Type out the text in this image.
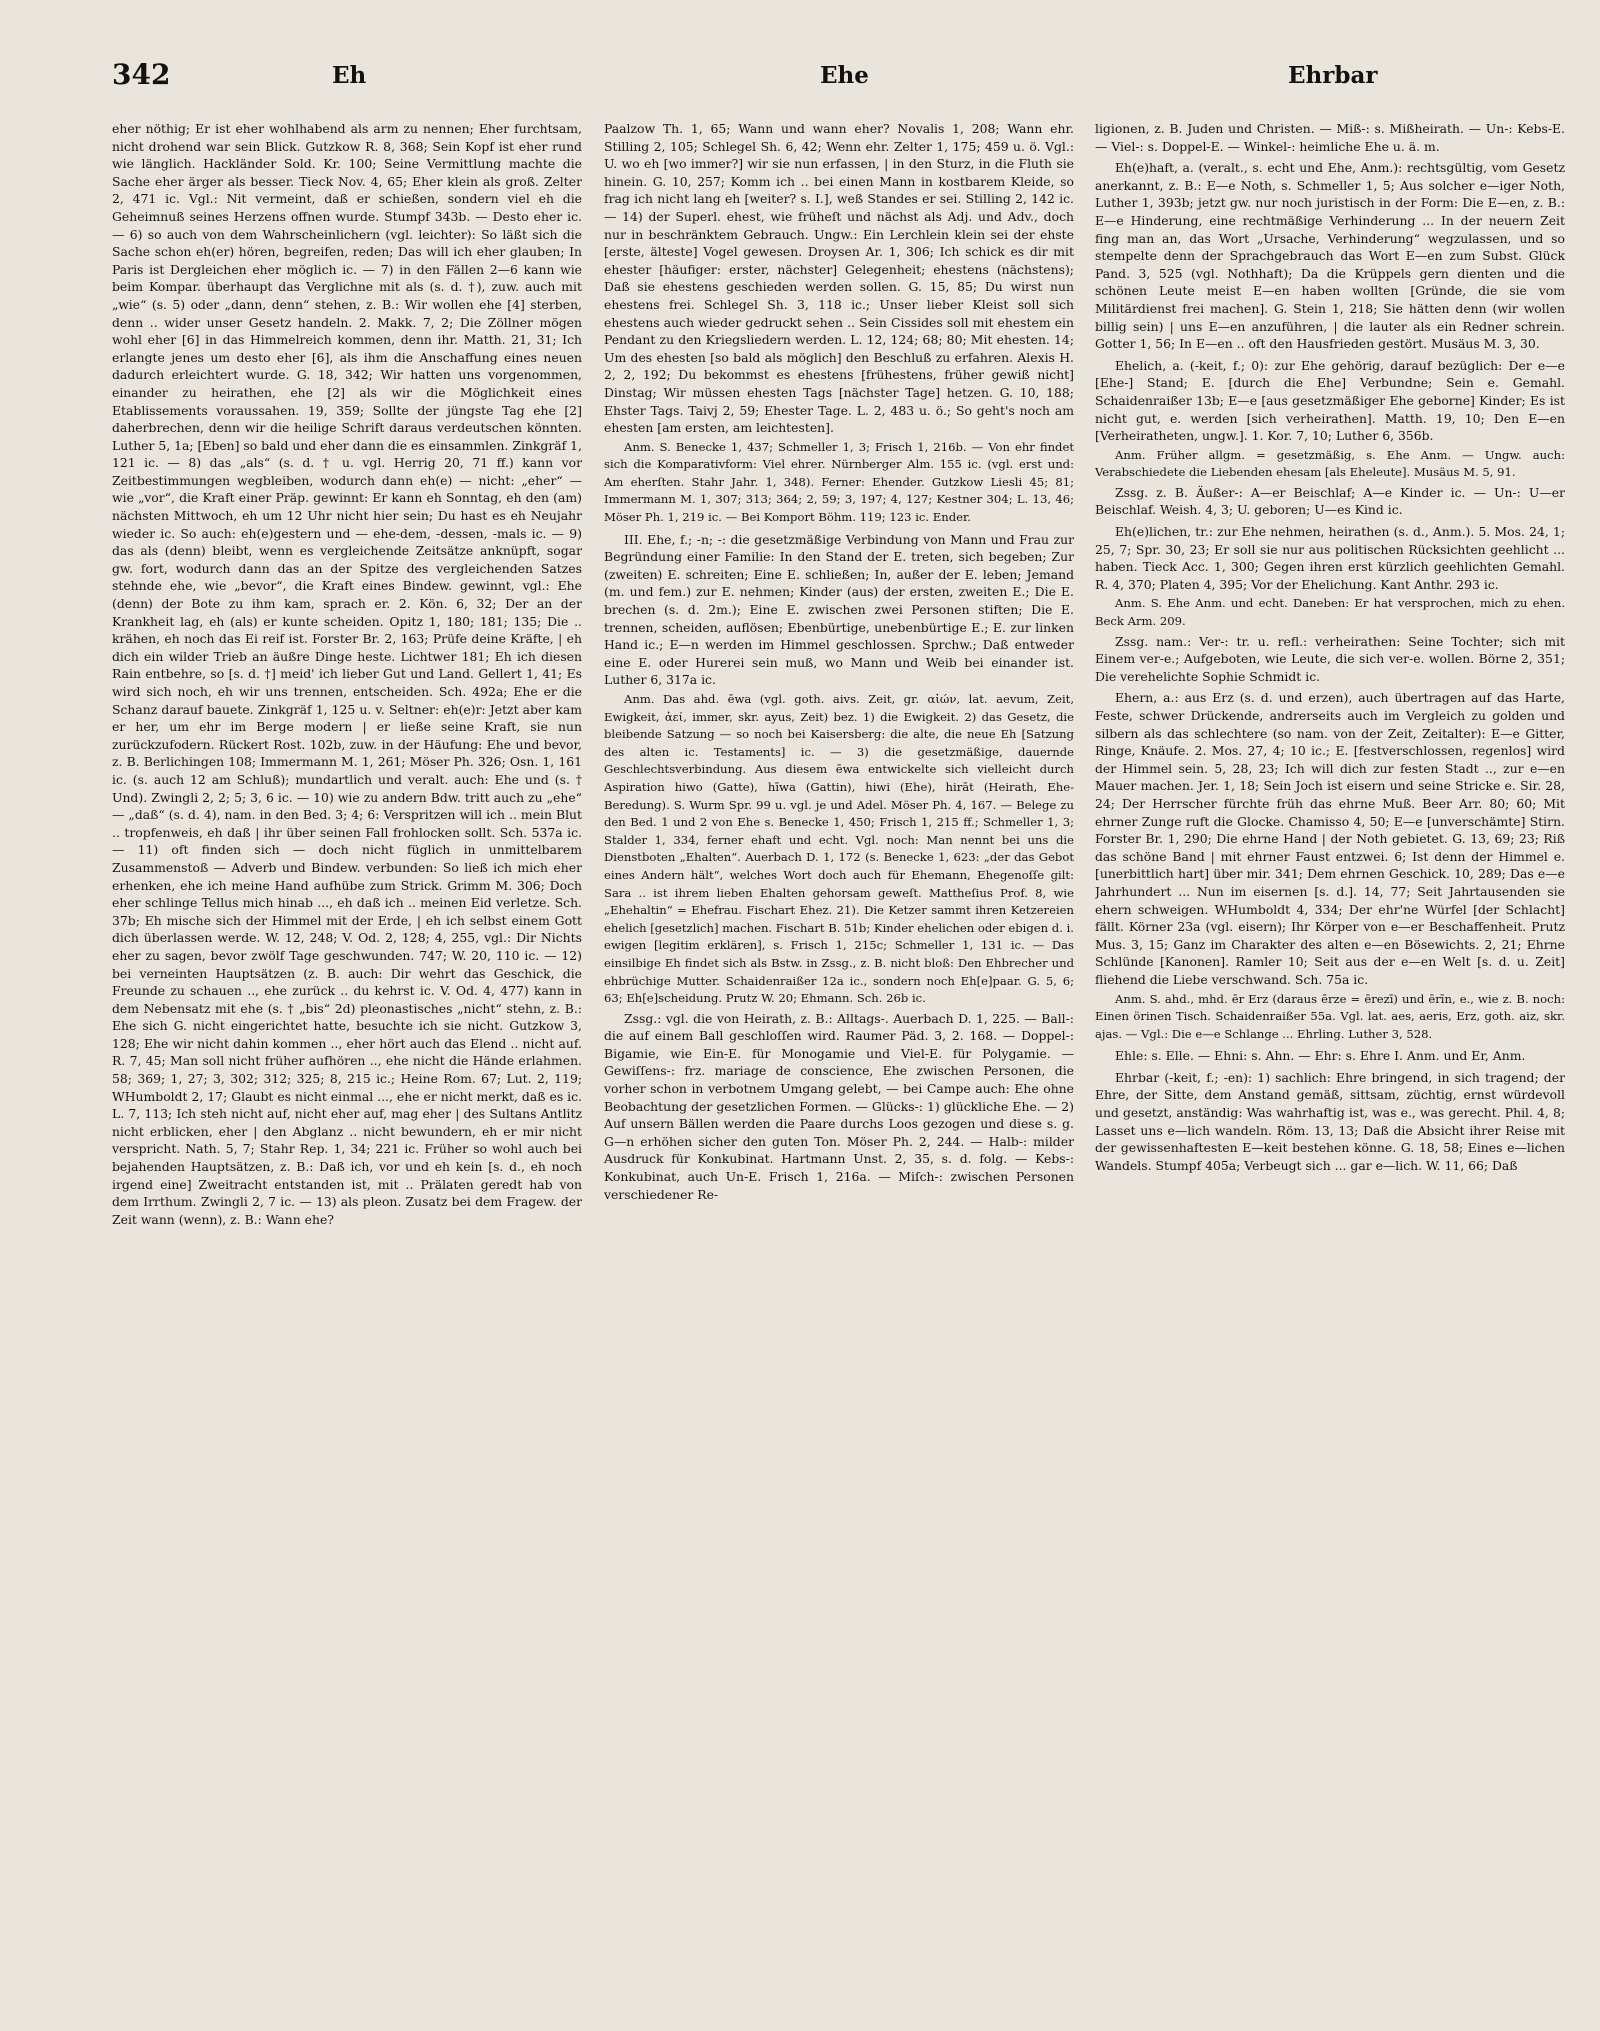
342	Eh	Ehe	Ehrbar

eher nöthig; Er ist eher wohlhabend als arm zu nennen; Eher furchtsam, nicht drohend war sein Blick. Gutzkow R. 8, 368; Sein Kopf ist eher rund wie länglich. Hackländer Sold. Kr. 100; Seine Vermittlung machte die Sache eher ärger als besser. Tieck Nov. 4, 65; Eher klein als groß. Zelter 2, 471 ic. Vgl.: Nit vermeint, daß er schießen, sondern viel eh die Geheimnuß seines Herzens offnen wurde. Stumpf 343b. — Desto eher ic. — 6) so auch von dem Wahrscheinlichern (vgl. leichter): So läßt sich die Sache schon eh(er) hören, begreifen, reden; Das will ich eher glauben; In Paris ist Dergleichen eher möglich ic. — 7) in den Fällen 2—6 kann wie beim Kompar. überhaupt das Verglichne mit als (s. d. †), zuw. auch mit „wie“ (s. 5) oder „dann, denn“ stehen, z. B.: Wir wollen ehe [4] sterben, denn .. wider unser Gesetz handeln. 2. Makk. 7, 2; Die Zöllner mögen wohl eher [6] in das Himmelreich kommen, denn ihr. Matth. 21, 31; Ich erlangte jenes um desto eher [6], als ihm die Anschaffung eines neuen dadurch erleichtert wurde. G. 18, 342; Wir hatten uns vorgenommen, einander zu heirathen, ehe [2] als wir die Möglichkeit eines Etablissements voraussahen. 19, 359; Sollte der jüngste Tag ehe [2] daherbrechen, denn wir die heilige Schrift daraus verdeutschen könnten. Luther 5, 1a; [Eben] so bald und eher dann die es einsammlen. Zinkgräf 1, 121 ic. — 8) das „als“ (s. d. † u. vgl. Herrig 20, 71 ff.) kann vor Zeitbestimmungen wegbleiben, wodurch dann eh(e) — nicht: „eher“ — wie „vor“, die Kraft einer Präp. gewinnt: Er kann eh Sonntag, eh den (am) nächsten Mittwoch, eh um 12 Uhr nicht hier sein; Du hast es eh Neujahr wieder ic. So auch: eh(e)gestern und — ehe-dem, -dessen, -mals ic. — 9) das als (denn) bleibt, wenn es vergleichende Zeitsätze anknüpft, sogar gw. fort, wodurch dann das an der Spitze des vergleichenden Satzes stehnde ehe, wie „bevor“, die Kraft eines Bindew. gewinnt, vgl.: Ehe (denn) der Bote zu ihm kam, sprach er. 2. Kön. 6, 32; Der an der Krankheit lag, eh (als) er kunte scheiden. Opitz 1, 180; 181; 135; Die .. krähen, eh noch das Ei reif ist. Forster Br. 2, 163; Prüfe deine Kräfte, | eh dich ein wilder Trieb an äußre Dinge heste. Lichtwer 181; Eh ich diesen Rain entbehre, so [s. d. †] meid' ich lieber Gut und Land. Gellert 1, 41; Es wird sich noch, eh wir uns trennen, entscheiden. Sch. 492a; Ehe er die Schanz darauf bauete. Zinkgräf 1, 125 u. v. Seltner: eh(e)r: Jetzt aber kam er her, um ehr im Berge modern | er ließe seine Kraft, sie nun zurückzufodern. Rückert Rost. 102b, zuw. in der Häufung: Ehe und bevor, z. B. Berlichingen 108; Immermann M. 1, 261; Möser Ph. 326; Osn. 1, 161 ic. (s. auch 12 am Schluß); mundartlich und veralt. auch: Ehe und (s. † Und). Zwingli 2, 2; 5; 3, 6 ic. — 10) wie zu andern Bdw. tritt auch zu „ehe“ — „daß“ (s. d. 4), nam. in den Bed. 3; 4; 6: Verspritzen will ich .. mein Blut .. tropfenweis, eh daß | ihr über seinen Fall frohlocken sollt. Sch. 537a ic. — 11) oft finden sich — doch nicht füglich in unmittelbarem Zusammenstoß — Adverb und Bindew. verbunden: So ließ ich mich eher erhenken, ehe ich meine Hand aufhübe zum Strick. Grimm M. 306; Doch eher schlinge Tellus mich hinab ..., eh daß ich .. meinen Eid verletze. Sch. 37b; Eh mische sich der Himmel mit der Erde, | eh ich selbst einem Gott dich überlassen werde. W. 12, 248; V. Od. 2, 128; 4, 255, vgl.: Dir Nichts eher zu sagen, bevor zwölf Tage geschwunden. 747; W. 20, 110 ic. — 12) bei verneinten Hauptsätzen (z. B. auch: Dir wehrt das Geschick, die Freunde zu schauen .., ehe zurück .. du kehrst ic. V. Od. 4, 477) kann in dem Nebensatz mit ehe (s. † „bis“ 2d) pleonastisches „nicht“ stehn, z. B.: Ehe sich G. nicht eingerichtet hatte, besuchte ich sie nicht. Gutzkow 3, 128; Ehe wir nicht dahin kommen .., eher hört auch das Elend .. nicht auf. R. 7, 45; Man soll nicht früher aufhören .., ehe nicht die Hände erlahmen. 58; 369; 1, 27; 3, 302; 312; 325; 8, 215 ic.; Heine Rom. 67; Lut. 2, 119; WHumboldt 2, 17; Glaubt es nicht einmal ..., ehe er nicht merkt, daß es ic. L. 7, 113; Ich steh nicht auf, nicht eher auf, mag eher | des Sultans Antlitz nicht erblicken, eher | den Abglanz .. nicht bewundern, eh er mir nicht verspricht. Nath. 5, 7; Stahr Rep. 1, 34; 221 ic. Früher so wohl auch bei bejahenden Hauptsätzen, z. B.: Daß ich, vor und eh kein [s. d., eh noch irgend eine] Zweitracht entstanden ist, mit .. Prälaten geredt hab von dem Irrthum. Zwingli 2, 7 ic. — 13) als pleon. Zusatz bei dem Fragew. der Zeit wann (wenn), z. B.: Wann ehe?

Paalzow Th. 1, 65; Wann und wann eher? Novalis 1, 208; Wann ehr. Stilling 2, 105; Schlegel Sh. 6, 42; Wenn ehr. Zelter 1, 175; 459 u. ö. Vgl.: U. wo eh [wo immer?] wir sie nun erfassen, | in den Sturz, in die Fluth sie hinein. G. 10, 257; Komm ich .. bei einen Mann in kostbarem Kleide, so frag ich nicht lang eh [weiter? s. I.], weß Standes er sei. Stilling 2, 142 ic. — 14) der Superl. ehest, wie früheſt und nächst als Adj. und Adv., doch nur in beschränktem Gebrauch. Ungw.: Ein Lerchlein klein sei der ehste [erste, älteste] Vogel gewesen. Droysen Ar. 1, 306; Ich schick es dir mit ehester [häufiger: erster, nächster] Gelegenheit; ehestens (nächstens); Daß sie ehestens geschieden werden sollen. G. 15, 85; Du wirst nun ehestens frei. Schlegel Sh. 3, 118 ic.; Unser lieber Kleist soll sich ehestens auch wieder gedruckt sehen .. Sein Cissides soll mit ehestem ein Pendant zu den Kriegsliedern werden. L. 12, 124; 68; 80; Mit ehesten. 14; Um des ehesten [so bald als möglich] den Beschluß zu erfahren. Alexis H. 2, 2, 192; Du bekommst es ehestens [frühestens, früher gewiß nicht] Dinstag; Wir müssen ehesten Tags [nächster Tage] hetzen. G. 10, 188; Ehster Tags. Taivj 2, 59; Ehester Tage. L. 2, 483 u. ö.; So geht's noch am ehesten [am ersten, am leichtesten].

Anm. S. Benecke 1, 437; Schmeller 1, 3; Frisch 1, 216b. — Von ehr findet sich die Komparativform: Viel ehrer. Nürnberger Alm. 155 ic. (vgl. erst und: Am eherſten. Stahr Jahr. 1, 348). Ferner: Ehender. Gutzkow Liesli 45; 81; Immermann M. 1, 307; 313; 364; 2, 59; 3, 197; 4, 127; Kestner 304; L. 13, 46; Möser Ph. 1, 219 ic. — Bei Komport Böhm. 119; 123 ic. Ender.

III. Ehe, f.; -n; -: die gesetzmäßige Verbindung von Mann und Frau zur Begründung einer Familie: In den Stand der E. treten, sich begeben; Zur (zweiten) E. schreiten; Eine E. schließen; In, außer der E. leben; Jemand (m. und fem.) zur E. nehmen; Kinder (aus) der ersten, zweiten E.; Die E. brechen (s. d. 2m.); Eine E. zwischen zwei Personen stiften; Die E. trennen, scheiden, auflösen; Ebenbürtige, unebenbürtige E.; E. zur linken Hand ic.; E—n werden im Himmel geschlossen. Sprchw.; Daß entweder eine E. oder Hurerei sein muß, wo Mann und Weib bei einander ist. Luther 6, 317a ic.

Anm. Das ahd. ēwa (vgl. goth. aivs. Zeit, gr. αἰών, lat. aevum, Zeit, Ewigkeit, ἀεί, immer, skr. ayus, Zeit) bez. 1) die Ewigkeit. 2) das Gesetz, die bleibende Satzung — so noch bei Kaisersberg: die alte, die neue Eh [Satzung des alten ic. Testaments] ic. — 3) die gesetzmäßige, dauernde Geschlechtsverbindung. Aus diesem ēwa entwickelte sich vielleicht durch Aspiration hiwo (Gatte), hīwa (Gattin), hiwi (Ehe), hirāt (Heirath, Ehe-Beredung). S. Wurm Spr. 99 u. vgl. je und Adel. Möser Ph. 4, 167. — Belege zu den Bed. 1 und 2 von Ehe s. Benecke 1, 450; Frisch 1, 215 ff.; Schmeller 1, 3; Stalder 1, 334, ferner ehaft und echt. Vgl. noch: Man nennt bei uns die Dienstboten „Ehalten“. Auerbach D. 1, 172 (s. Benecke 1, 623: „der das Gebot eines Andern hält“, welches Wort doch auch für Ehemann, Ehegenoſſe gilt: Sara .. ist ihrem lieben Ehalten gehorsam geweſt. Mattheſius Prof. 8, wie „Ehehaltin“ = Ehefrau. Fischart Ehez. 21). Die Ketzer sammt ihren Ketzereien ehelich [gesetzlich] machen. Fischart B. 51b; Kinder ehelichen oder ebigen d. i. ewigen [legitim erklären], s. Frisch 1, 215c; Schmeller 1, 131 ic. — Das einsilbige Eh findet sich als Bstw. in Zssg., z. B. nicht bloß: Den Ehbrecher und ehbrüchige Mutter. Schaidenraißer 12a ic., sondern noch Eh[e]paar. G. 5, 6; 63; Eh[e]scheidung. Prutz W. 20; Ehmann. Sch. 26b ic.

Zssg.: vgl. die von Heirath, z. B.: Alltags-. Auerbach D. 1, 225. — Ball-: die auf einem Ball geschloſſen wird. Raumer Päd. 3, 2. 168. — Doppel-: Bigamie, wie Ein-E. für Monogamie und Viel-E. für Polygamie. — Gewiſſens-: frz. mariage de conscience, Ehe zwischen Personen, die vorher schon in verbotnem Umgang gelebt, — bei Campe auch: Ehe ohne Beobachtung der gesetzlichen Formen. — Glücks-: 1) glückliche Ehe. — 2) Auf unsern Bällen werden die Paare durchs Loos gezogen und diese s. g. G—n erhöhen sicher den guten Ton. Möser Ph. 2, 244. — Halb-: milder Ausdruck für Konkubinat. Hartmann Unst. 2, 35, s. d. folg. — Kebs-: Konkubinat, auch Un-E. Frisch 1, 216a. — Miſch-: zwischen Personen verschiedener Re-

ligionen, z. B. Juden und Christen. — Miß-: s. Mißheirath. — Un-: Kebs-E. — Viel-: s. Doppel-E. — Winkel-: heimliche Ehe u. ä. m.

Eh(e)haft, a. (veralt., s. echt und Ehe, Anm.): rechtsgültig, vom Gesetz anerkannt, z. B.: E—e Noth, s. Schmeller 1, 5; Aus solcher e—iger Noth, Luther 1, 393b; jetzt gw. nur noch juristisch in der Form: Die E—en, z. B.: E—e Hinderung, eine rechtmäßige Verhinderung ... In der neuern Zeit fing man an, das Wort „Ursache, Verhinderung“ wegzulassen, und so stempelte denn der Sprachgebrauch das Wort E—en zum Subst. Glück Pand. 3, 525 (vgl. Nothhaft); Da die Krüppels gern dienten und die schönen Leute meist E—en haben wollten [Gründe, die sie vom Militärdienst frei machen]. G. Stein 1, 218; Sie hätten denn (wir wollen billig sein) | uns E—en anzuführen, | die lauter als ein Redner schrein. Gotter 1, 56; In E—en .. oft den Hausfrieden gestört. Musäus M. 3, 30.

Ehelich, a. (-keit, f.; 0): zur Ehe gehörig, darauf bezüglich: Der e—e [Ehe-] Stand; E. [durch die Ehe] Verbundne; Sein e. Gemahl. Schaidenraißer 13b; E—e [aus gesetzmäßiger Ehe geborne] Kinder; Es ist nicht gut, e. werden [sich verheirathen]. Matth. 19, 10; Den E—en [Verheiratheten, ungw.]. 1. Kor. 7, 10; Luther 6, 356b.

Anm. Früher allgm. = gesetzmäßig, s. Ehe Anm. — Ungw. auch: Verabschiedete die Liebenden ehesam [als Eheleute]. Musäus M. 5, 91.

Zssg. z. B. Äußer-: A—er Beischlaf; A—e Kinder ic. — Un-: U—er Beischlaf. Weish. 4, 3; U. geboren; U—es Kind ic.

Eh(e)lichen, tr.: zur Ehe nehmen, heirathen (s. d., Anm.). 5. Mos. 24, 1; 25, 7; Spr. 30, 23; Er soll sie nur aus politischen Rücksichten geehlicht ... haben. Tieck Acc. 1, 300; Gegen ihren erst kürzlich geehlichten Gemahl. R. 4, 370; Platen 4, 395; Vor der Ehelichung. Kant Anthr. 293 ic.

Anm. S. Ehe Anm. und echt. Daneben: Er hat versprochen, mich zu ehen. Beck Arm. 209.

Zssg. nam.: Ver-: tr. u. refl.: verheirathen: Seine Tochter; sich mit Einem ver-e.; Aufgeboten, wie Leute, die sich ver-e. wollen. Börne 2, 351; Die verehelichte Sophie Schmidt ic.

Ehern, a.: aus Erz (s. d. und erzen), auch übertragen auf das Harte, Feste, schwer Drückende, andrerseits auch im Vergleich zu golden und silbern als das schlechtere (so nam. von der Zeit, Zeitalter): E—e Gitter, Ringe, Knäufe. 2. Mos. 27, 4; 10 ic.; E. [festverschlossen, regenlos] wird der Himmel sein. 5, 28, 23; Ich will dich zur festen Stadt .., zur e—en Mauer machen. Jer. 1, 18; Sein Joch ist eisern und seine Stricke e. Sir. 28, 24; Der Herrscher fürchte früh das ehrne Muß. Beer Arr. 80; 60; Mit ehrner Zunge ruft die Glocke. Chamisso 4, 50; E—e [unverschämte] Stirn. Forster Br. 1, 290; Die ehrne Hand | der Noth gebietet. G. 13, 69; 23; Riß das schöne Band | mit ehrner Faust entzwei. 6; Ist denn der Himmel e. [unerbittlich hart] über mir. 341; Dem ehrnen Geschick. 10, 289; Das e—e Jahrhundert ... Nun im eisernen [s. d.]. 14, 77; Seit Jahrtausenden sie ehern schweigen. WHumboldt 4, 334; Der ehr'ne Würfel [der Schlacht] fällt. Körner 23a (vgl. eisern); Ihr Körper von e—er Beschaffenheit. Prutz Mus. 3, 15; Ganz im Charakter des alten e—en Bösewichts. 2, 21; Ehrne Schlünde [Kanonen]. Ramler 10; Seit aus der e—en Welt [s. d. u. Zeit] fliehend die Liebe verschwand. Sch. 75a ic.

Anm. S. ahd., mhd. ēr Erz (daraus ērze = ērezī) und ērīn, e., wie z. B. noch: Einen örinen Tisch. Schaidenraißer 55a. Vgl. lat. aes, aeris, Erz, goth. aiz, skr. ajas. — Vgl.: Die e—e Schlange ... Ehrling. Luther 3, 528.

Ehle: s. Elle. — Ehni: s. Ahn. — Ehr: s. Ehre I. Anm. und Er, Anm.

Ehrbar (-keit, f.; -en): 1) sachlich: Ehre bringend, in sich tragend; der Ehre, der Sitte, dem Anstand gemäß, sittsam, züchtig, ernst würdevoll und gesetzt, anständig: Was wahrhaftig ist, was e., was gerecht. Phil. 4, 8; Lasset uns e—lich wandeln. Röm. 13, 13; Daß die Absicht ihrer Reise mit der gewissenhaftesten E—keit bestehen könne. G. 18, 58; Eines e—lichen Wandels. Stumpf 405a; Verbeugt sich ... gar e—lich. W. 11, 66; Daß
